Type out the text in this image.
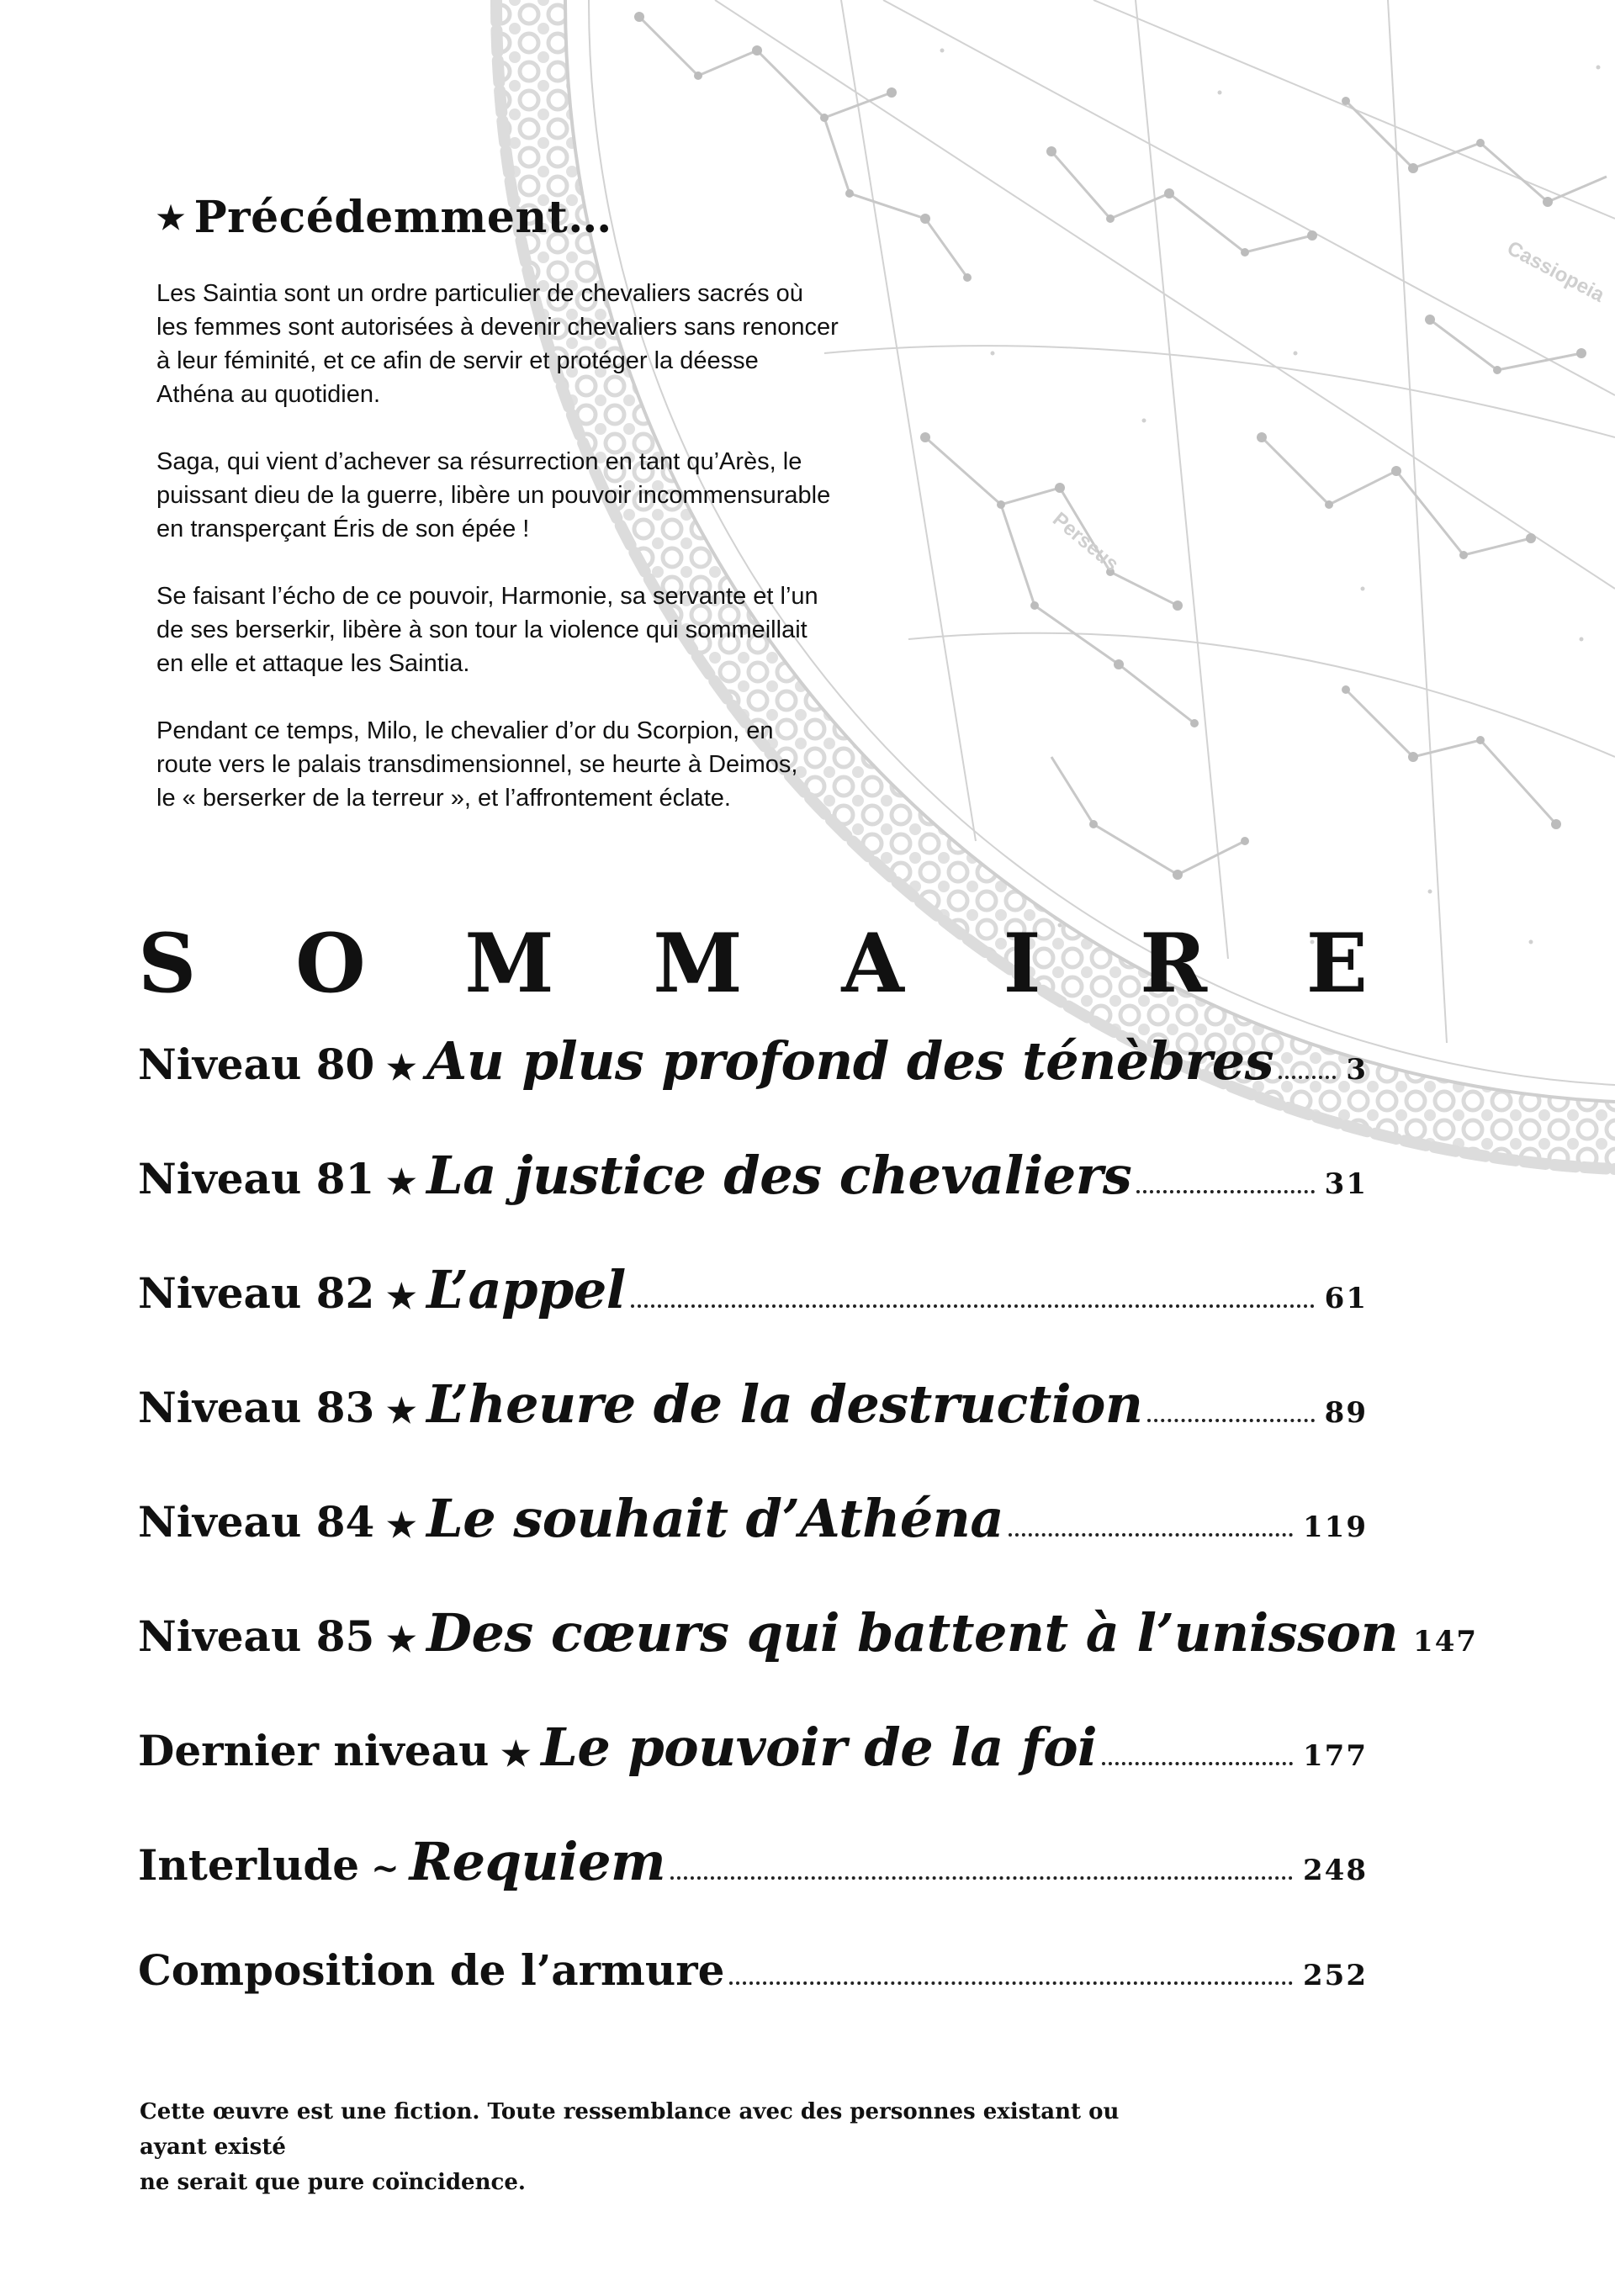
Cassiopeia
Perseus
★ Précédemment…

Les Saintia sont un ordre particulier de chevaliers sacrés où
les femmes sont autorisées à devenir chevaliers sans renoncer
à leur féminité, et ce afin de servir et protéger la déesse
Athéna au quotidien.

Saga, qui vient d’achever sa résurrection en tant qu’Arès, le
puissant dieu de la guerre, libère un pouvoir incommensurable
en transperçant Éris de son épée !

Se faisant l’écho de ce pouvoir, Harmonie, sa servante et l’un
de ses berserkir, libère à son tour la violence qui sommeillait
en elle et attaque les Saintia.

Pendant ce temps, Milo, le chevalier d’or du Scorpion, en
route vers le palais transdimensionnel, se heurte à Deimos,
le « berserker de la terreur », et l’affrontement éclate.

S O M M A I R E
Niveau 80 ★ Au plus profond des ténèbres	3
Niveau 81 ★ La justice des chevaliers	31
Niveau 82 ★ L’appel	61
Niveau 83 ★ L’heure de la destruction	89
Niveau 84 ★ Le souhait d’Athéna	119
Niveau 85 ★ Des cœurs qui battent à l’unisson 147
Dernier niveau ★ Le pouvoir de la foi	177
Interlude ~ Requiem	248
Composition de l’armure	252
Cette œuvre est une fiction. Toute ressemblance avec des personnes existant ou ayant existé
ne serait que pure coïncidence.
